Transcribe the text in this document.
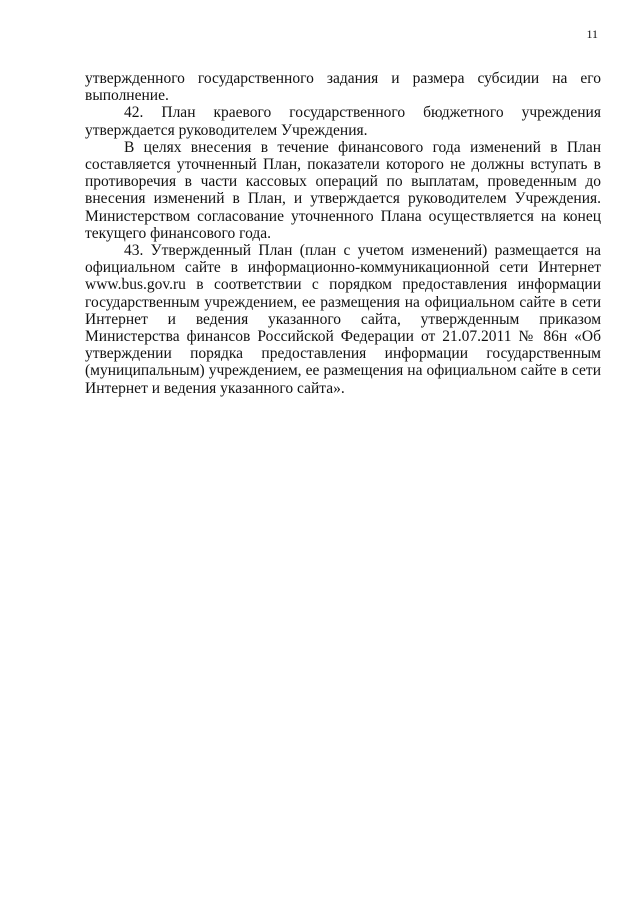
11

утвержденного государственного задания и размера субсидии на его выполнение.

42. План краевого государственного бюджетного учреждения утверждается руководителем Учреждения.

В целях внесения в течение финансового года изменений в План составляется уточненный План, показатели которого не должны вступать в противоречия в части кассовых операций по выплатам, проведенным до внесения изменений в План, и утверждается руководителем Учреждения. Министерством согласование уточненного Плана осуществляется на конец текущего финансового года.

43. Утвержденный План (план с учетом изменений) размещается на официальном сайте в информационно-коммуникационной сети Интернет www.bus.gov.ru в соответствии с порядком предоставления информации государственным учреждением, ее размещения на официальном сайте в сети Интернет и ведения указанного сайта, утвержденным приказом Министерства финансов Российской Федерации от 21.07.2011 № 86н «Об утверждении порядка предоставления информации государственным (муниципальным) учреждением, ее размещения на официальном сайте в сети Интернет и ведения указанного сайта».
